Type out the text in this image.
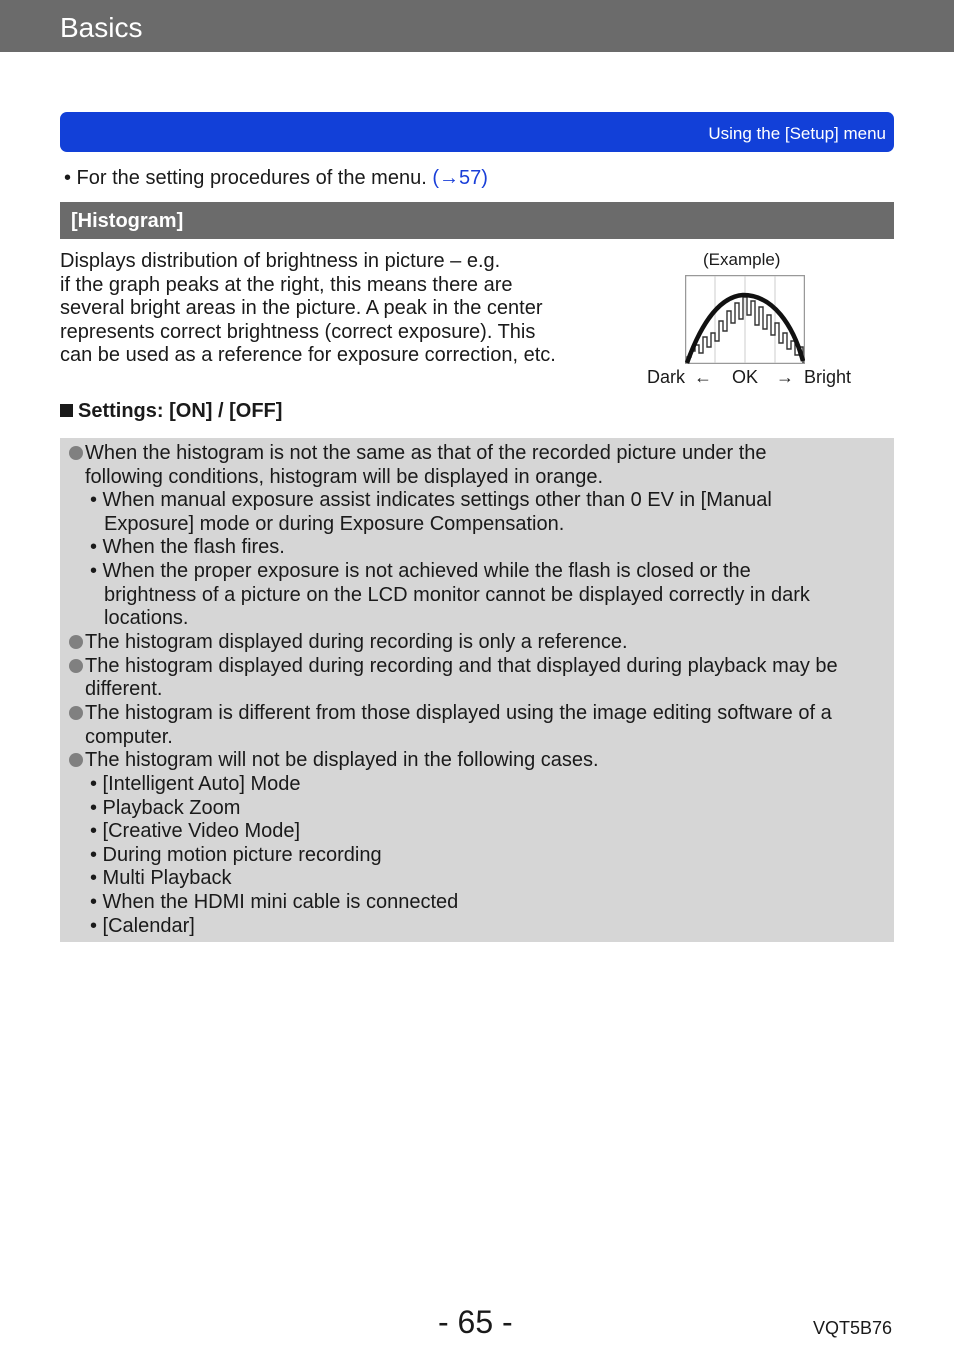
Basics
Using the [Setup] menu
• For the setting procedures of the menu. (→57)
[Histogram]
Displays distribution of brightness in picture – e.g.
if the graph peaks at the right, this means there are
several bright areas in the picture. A peak in the center
represents correct brightness (correct exposure). This
can be used as a reference for exposure correction, etc.
(Example)
Dark ← OK → Bright
Settings: [ON] / [OFF]
When the histogram is not the same as that of the recorded picture under the
following conditions, histogram will be displayed in orange.
• When manual exposure assist indicates settings other than 0 EV in [Manual
Exposure] mode or during Exposure Compensation.
• When the flash fires.
• When the proper exposure is not achieved while the flash is closed or the
brightness of a picture on the LCD monitor cannot be displayed correctly in dark
locations.
The histogram displayed during recording is only a reference.
The histogram displayed during recording and that displayed during playback may be
different.
The histogram is different from those displayed using the image editing software of a
computer.
The histogram will not be displayed in the following cases.
• [Intelligent Auto] Mode
• Playback Zoom
• [Creative Video Mode]
• During motion picture recording
• Multi Playback
• When the HDMI mini cable is connected
• [Calendar]
- 65 -	VQT5B76
